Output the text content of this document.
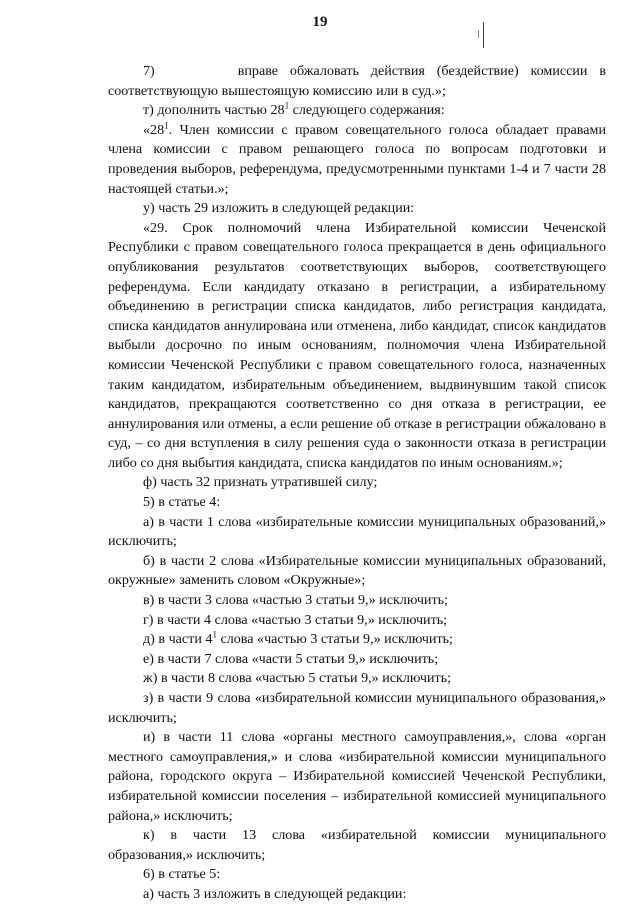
19

7)       вправе обжаловать действия (бездействие) комиссии в соответствующую вышестоящую комиссию или в суд.»;

т) дополнить частью $28^1$ следующего содержания:

«$28^1$. Член комиссии с правом совещательного голоса обладает правами члена комиссии с правом решающего голоса по вопросам подготовки и проведения выборов, референдума, предусмотренными пунктами 1-4 и 7 части 28 настоящей статьи.»;

у) часть 29 изложить в следующей редакции:

«29. Срок полномочий члена Избирательной комиссии Чеченской Республики с правом совещательного голоса прекращается в день официального опубликования результатов соответствующих выборов, соответствующего референдума. Если кандидату отказано в регистрации, а избирательному объединению в регистрации списка кандидатов, либо регистрация кандидата, списка кандидатов аннулирована или отменена, либо кандидат, список кандидатов выбыли досрочно по иным основаниям, полномочия члена Избирательной комиссии Чеченской Республики с правом совещательного голоса, назначенных таким кандидатом, избирательным объединением, выдвинувшим такой список кандидатов, прекращаются соответственно со дня отказа в регистрации, ее аннулирования или отмены, а если решение об отказе в регистрации обжаловано в суд, – со дня вступления в силу решения суда о законности отказа в регистрации либо со дня выбытия кандидата, списка кандидатов по иным основаниям.»;

ф) часть 32 признать утратившей силу;

5) в статье 4:

а) в части 1 слова «избирательные комиссии муниципальных образований,» исключить;

б) в части 2 слова «Избирательные комиссии муниципальных образований, окружные» заменить словом «Окружные»;

в) в части 3 слова «частью 3 статьи 9,» исключить;

г) в части 4 слова «частью 3 статьи 9,» исключить;

д) в части $4^1$ слова «частью 3 статьи 9,» исключить;

е) в части 7 слова «части 5 статьи 9,» исключить;

ж) в части 8 слова «частью 5 статьи 9,» исключить;

з) в части 9 слова «избирательной комиссии муниципального образования,» исключить;

и) в части 11 слова «органы местного самоуправления,», слова «орган местного самоуправления,» и слова «избирательной комиссии муниципального района, городского округа – Избирательной комиссией Чеченской Республики, избирательной комиссии поселения – избирательной комиссией муниципального района,» исключить;

к) в части 13 слова «избирательной комиссии муниципального образования,» исключить;

6) в статье 5:

а) часть 3 изложить в следующей редакции:
